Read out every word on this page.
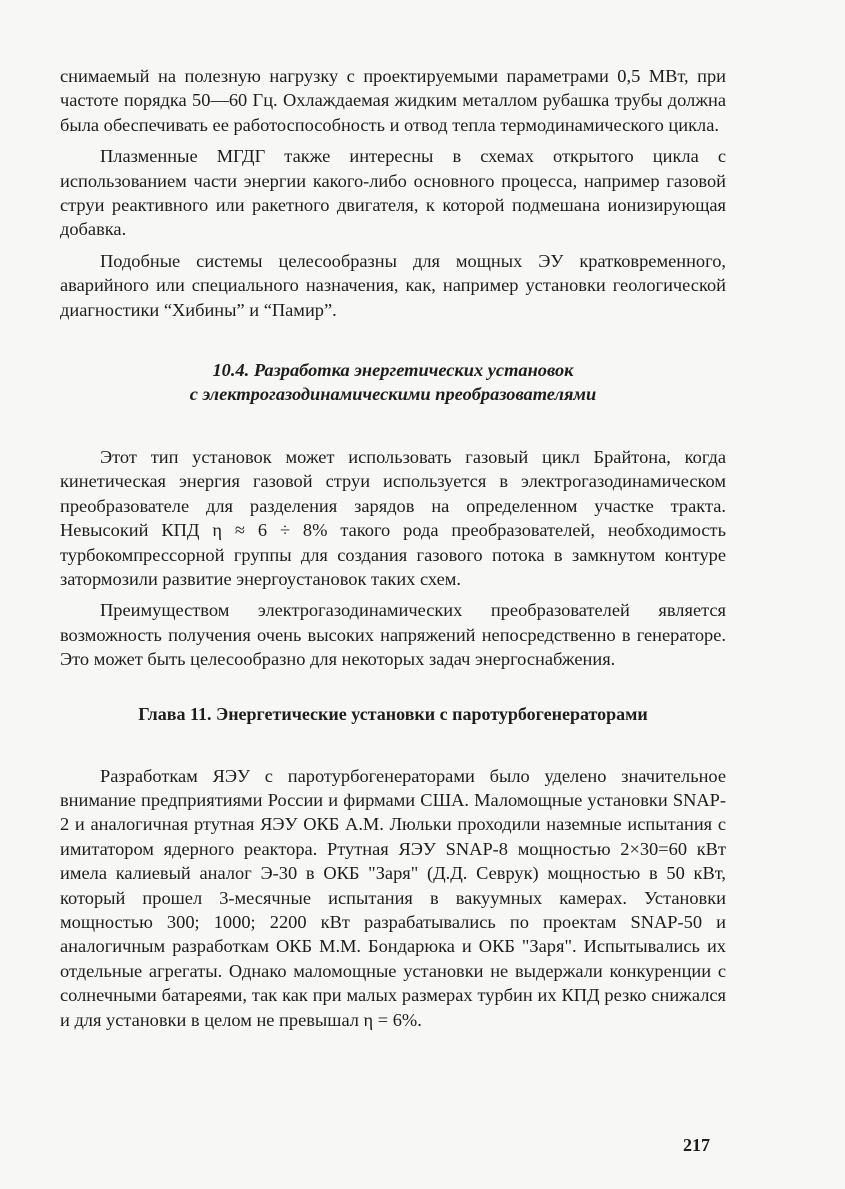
снимаемый на полезную нагрузку с проектируемыми параметрами 0,5 МВт, при частоте порядка 50—60 Гц. Охлаждаемая жидким металлом рубашка трубы должна была обеспечивать ее работоспособность и отвод тепла термодинамического цикла.

Плазменные МГДГ также интересны в схемах открытого цикла с использованием части энергии какого-либо основного процесса, например газовой струи реактивного или ракетного двигателя, к которой подмешана ионизирующая добавка.

Подобные системы целесообразны для мощных ЭУ кратковременного, аварийного или специального назначения, как, например установки геологической диагностики “Хибины” и “Памир”.

10.4. Разработка энергетических установок
с электрогазодинамическими преобразователями

Этот тип установок может использовать газовый цикл Брайтона, когда кинетическая энергия газовой струи используется в электрогазодинамическом преобразователе для разделения зарядов на определенном участке тракта. Невысокий КПД η ≈ 6 ÷ 8% такого рода преобразователей, необходимость турбокомпрессорной группы для создания газового потока в замкнутом контуре затормозили развитие энергоустановок таких схем.

Преимуществом электрогазодинамических преобразователей является возможность получения очень высоких напряжений непосредственно в генераторе. Это может быть целесообразно для некоторых задач энергоснабжения.

Глава 11. Энергетические установки с паротурбогенераторами

Разработкам ЯЭУ с паротурбогенераторами было уделено значительное внимание предприятиями России и фирмами США. Маломощные установки SNAP-2 и аналогичная ртутная ЯЭУ ОКБ А.М. Люльки проходили наземные испытания с имитатором ядерного реактора. Ртутная ЯЭУ SNAP-8 мощностью 2×30=60 кВт имела калиевый аналог Э-30 в ОКБ "Заря" (Д.Д. Севрук) мощностью в 50 кВт, который прошел 3-месячные испытания в вакуумных камерах. Установки мощностью 300; 1000; 2200 кВт разрабатывались по проектам SNAP-50 и аналогичным разработкам ОКБ М.М. Бондарюка и ОКБ "Заря". Испытывались их отдельные агрегаты. Однако маломощные установки не выдержали конкуренции с солнечными батареями, так как при малых размерах турбин их КПД резко снижался и для установки в целом не превышал η = 6%.

217
